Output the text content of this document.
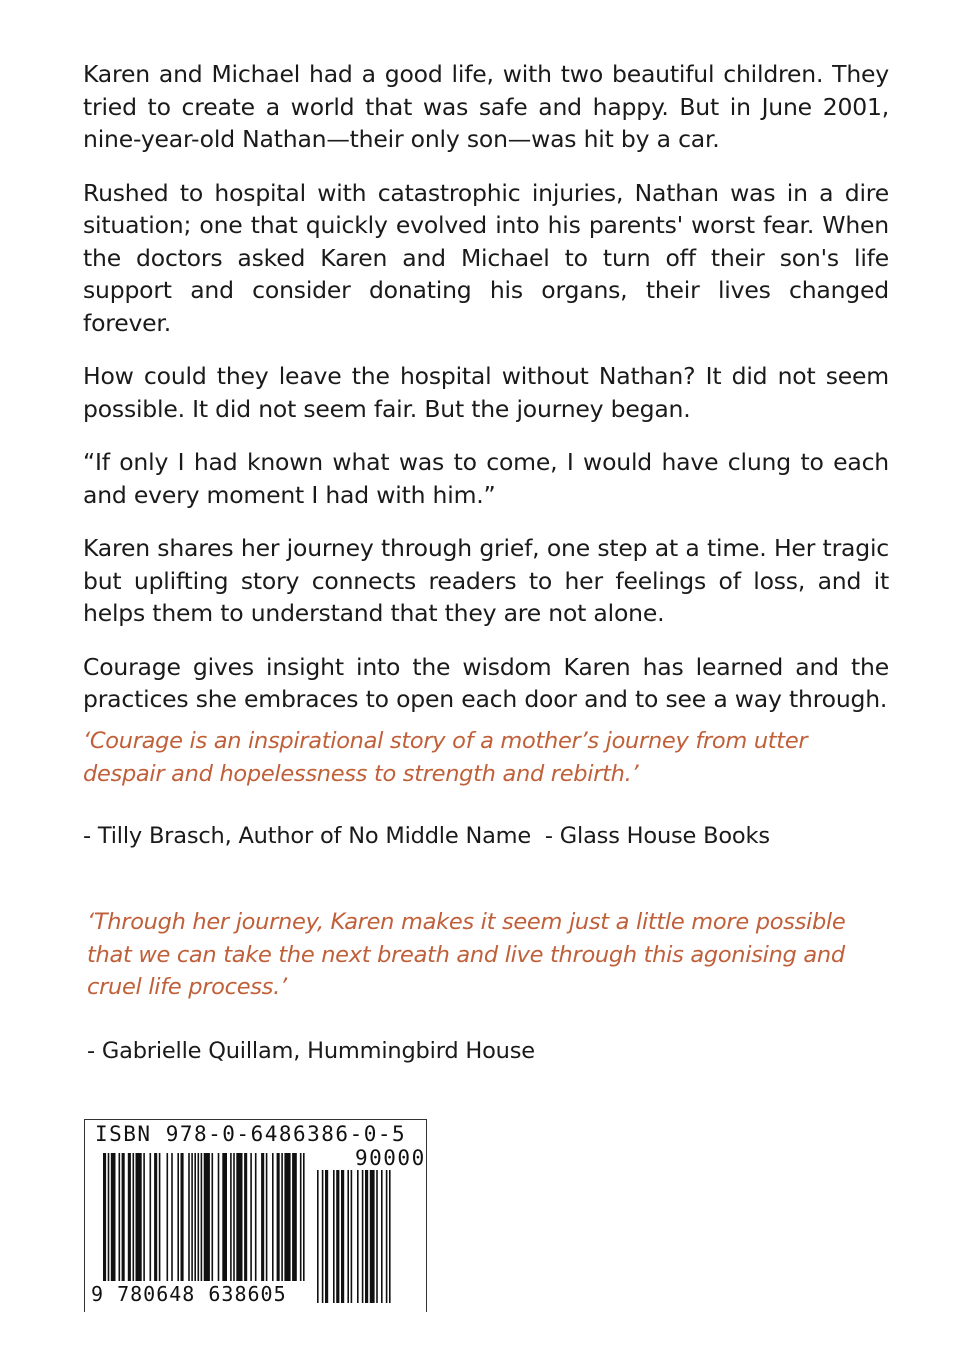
Karen and Michael had a good life, with two beautiful children. They tried to create a world that was safe and happy. But in June 2001, nine-year-old Nathan—their only son—was hit by a car.

Rushed to hospital with catastrophic injuries, Nathan was in a dire situation; one that quickly evolved into his parents' worst fear. When the doctors asked Karen and Michael to turn off their son's life support and consider donating his organs, their lives changed forever.

How could they leave the hospital without Nathan? It did not seem possible. It did not seem fair. But the journey began.

“If only I had known what was to come, I would have clung to each and every moment I had with him.”

Karen shares her journey through grief, one step at a time. Her tragic but uplifting story connects readers to her feelings of loss, and it helps them to understand that they are not alone.

Courage gives insight into the wisdom Karen has learned and the practices she embraces to open each door and to see a way through.

‘Courage is an inspirational story of a mother’s journey from utter despair and hopelessness to strength and rebirth.’

- Tilly Brasch, Author of No Middle Name  - Glass House Books

‘Through her journey, Karen makes it seem just a little more possible that we can take the next breath and live through this agonising and cruel life process.’

- Gabrielle Quillam, Hummingbird House

ISBN 978-0-6486386-0-5
90000
9 780648 638605
